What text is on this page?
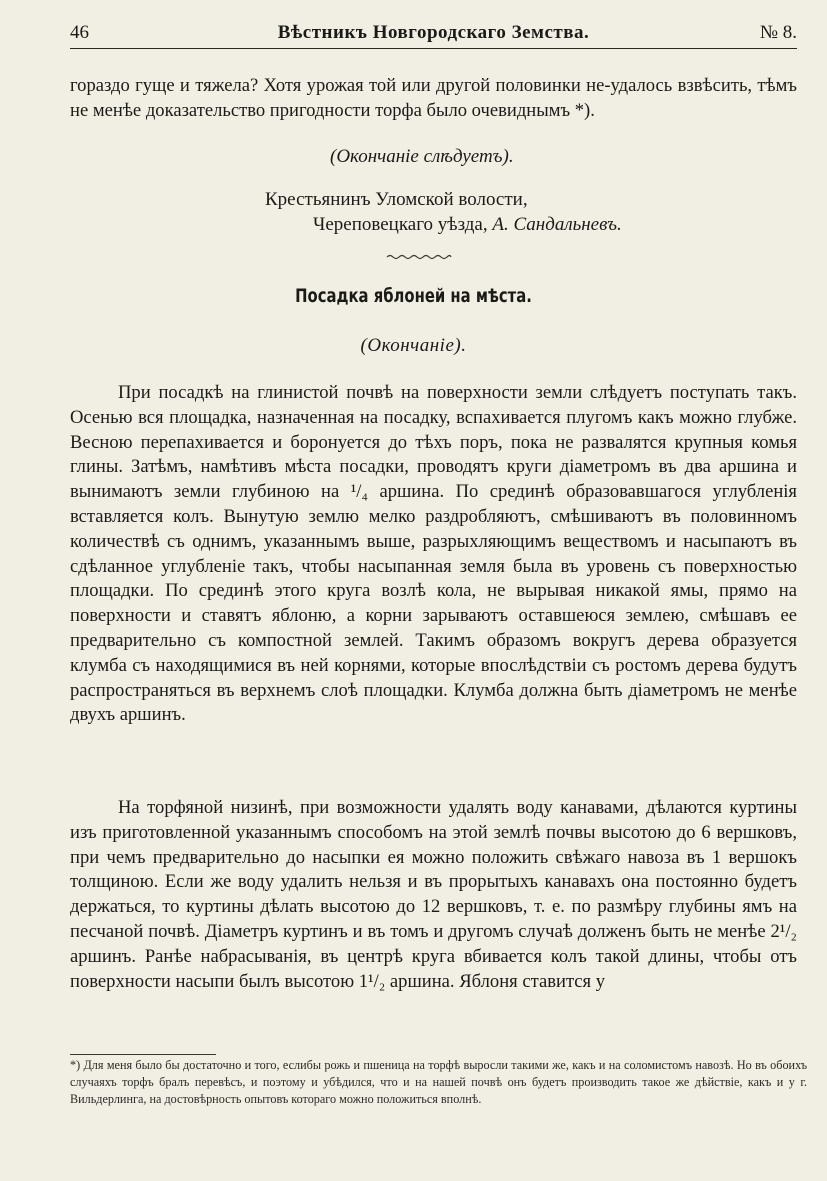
46	Вѣстникъ Новгородскаго Земства.	№ 8.

гораздо гуще и тяжела? Хотя урожая той или другой половинки не-удалось взвѣсить, тѣмъ не менѣе доказательство пригодности торфа было очевиднымъ *).

(Окончаніе слѣдуетъ).
Крестьянинъ Уломской волости,
Череповецкаго уѣзда, А. Сандальневъ.
Посадка яблоней на мѣста.
(Окончаніе).

При посадкѣ на глинистой почвѣ на поверхности земли слѣдуетъ поступать такъ. Осенью вся площадка, назначенная на посадку, вспахивается плугомъ какъ можно глубже. Весною перепахивается и боронуется до тѣхъ поръ, пока не развалятся крупныя комья глины. Затѣмъ, намѣтивъ мѣста посадки, проводятъ круги діаметромъ въ два аршина и вынимаютъ земли глубиною на ¹/₄ аршина. По срединѣ образовавшагося углубленія вставляется колъ. Вынутую землю мелко раздробляютъ, смѣшиваютъ въ половинномъ количествѣ съ однимъ, указаннымъ выше, разрыхляющимъ веществомъ и насыпаютъ въ сдѣланное углубленіе такъ, чтобы насыпанная земля была въ уровень съ поверхностью площадки. По срединѣ этого круга возлѣ кола, не вырывая никакой ямы, прямо на поверхности и ставятъ яблоню, а корни зарываютъ оставшеюся землею, смѣшавъ ее предварительно съ компостной землей. Такимъ образомъ вокругъ дерева образуется клумба съ находящимися въ ней корнями, которые впослѣдствіи съ ростомъ дерева будутъ распространяться въ верхнемъ слоѣ площадки. Клумба должна быть діаметромъ не менѣе двухъ аршинъ.

На торфяной низинѣ, при возможности удалять воду канавами, дѣлаются куртины изъ приготовленной указаннымъ способомъ на этой землѣ почвы высотою до 6 вершковъ, при чемъ предварительно до насыпки ея можно положить свѣжаго навоза въ 1 вершокъ толщиною. Если же воду удалить нельзя и въ прорытыхъ канавахъ она постоянно будетъ держаться, то куртины дѣлать высотою до 12 вершковъ, т. е. по размѣру глубины ямъ на песчаной почвѣ. Діаметръ куртинъ и въ томъ и другомъ случаѣ долженъ быть не менѣе 2¹/₂ аршинъ. Ранѣе набрасыванія, въ центрѣ круга вбивается колъ такой длины, чтобы отъ поверхности насыпи былъ высотою 1¹/₂ аршина. Яблоня ставится у

*) Для меня было бы достаточно и того, еслибы рожь и пшеница на торфѣ выросли такими же, какъ и на соломистомъ навозѣ. Но въ обоихъ случаяхъ торфъ бралъ перевѣсъ, и поэтому и убѣдился, что и на нашей почвѣ онъ будетъ производить такое же дѣйствіе, какъ и у г. Вильдерлинга, на достовѣрность опытовъ котораго можно положиться вполнѣ.
